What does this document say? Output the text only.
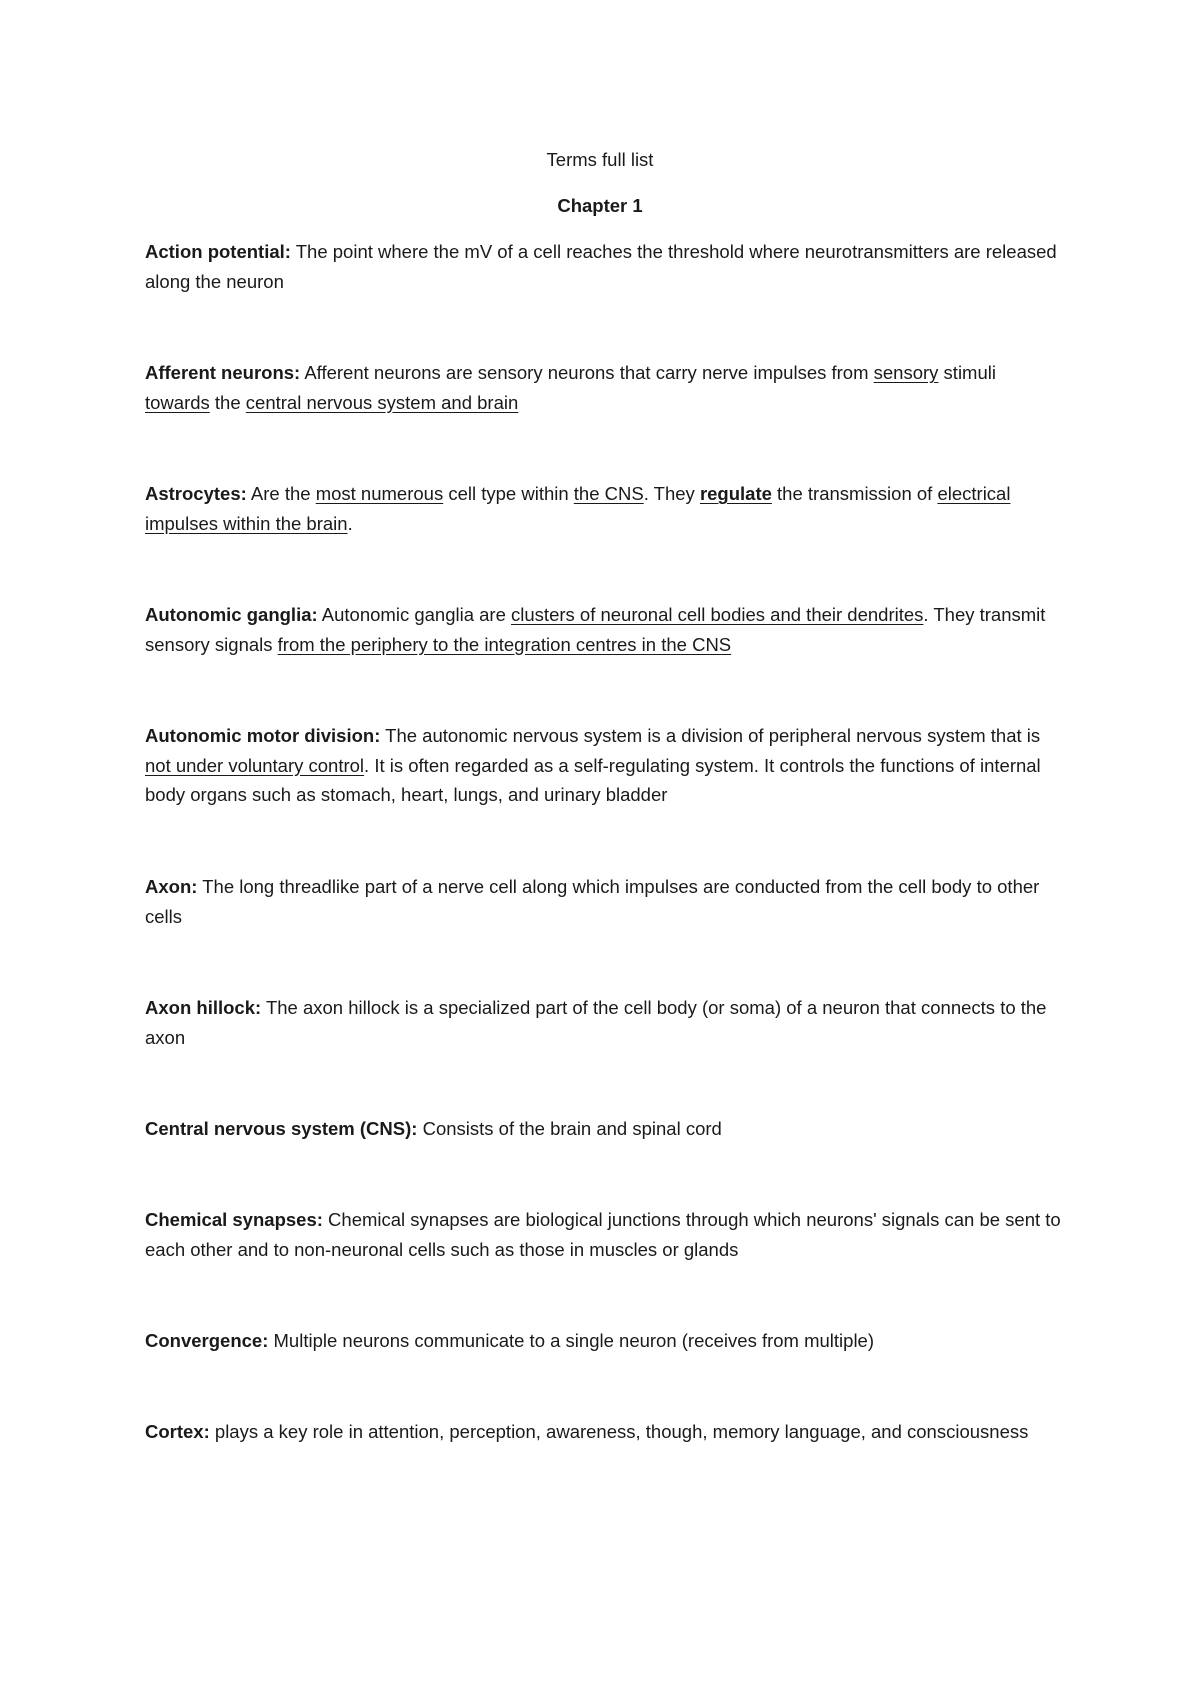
Terms full list
Chapter 1

Action potential: The point where the mV of a cell reaches the threshold where neurotransmitters are released along the neuron

Afferent neurons: Afferent neurons are sensory neurons that carry nerve impulses from sensory stimuli towards the central nervous system and brain

Astrocytes: Are the most numerous cell type within the CNS. They regulate the transmission of electrical impulses within the brain.

Autonomic ganglia: Autonomic ganglia are clusters of neuronal cell bodies and their dendrites. They transmit sensory signals from the periphery to the integration centres in the CNS

Autonomic motor division: The autonomic nervous system is a division of peripheral nervous system that is not under voluntary control. It is often regarded as a self-regulating system. It controls the functions of internal body organs such as stomach, heart, lungs, and urinary bladder

Axon: The long threadlike part of a nerve cell along which impulses are conducted from the cell body to other cells

Axon hillock: The axon hillock is a specialized part of the cell body (or soma) of a neuron that connects to the axon

Central nervous system (CNS): Consists of the brain and spinal cord

Chemical synapses: Chemical synapses are biological junctions through which neurons' signals can be sent to each other and to non-neuronal cells such as those in muscles or glands

Convergence: Multiple neurons communicate to a single neuron (receives from multiple)

Cortex: plays a key role in attention, perception, awareness, though, memory language, and consciousness
